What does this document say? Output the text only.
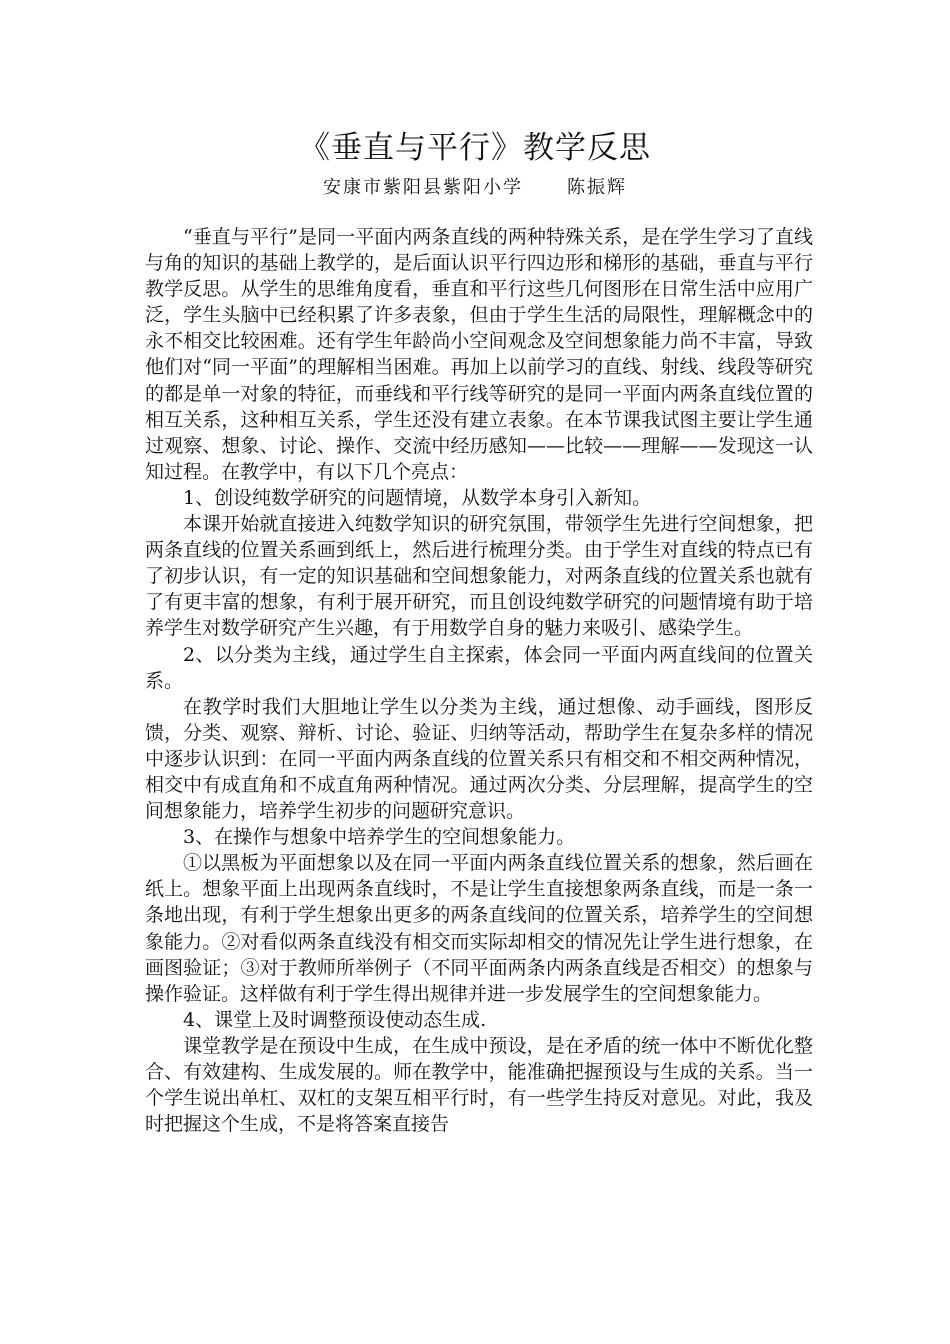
《垂直与平行》教学反思
安康市紫阳县紫阳小学 陈振辉

“垂直与平行”是同一平面内两条直线的两种特殊关系，是在学生学习了直线与角的知识的基础上教学的，是后面认识平行四边形和梯形的基础，垂直与平行教学反思。从学生的思维角度看，垂直和平行这些几何图形在日常生活中应用广泛，学生头脑中已经积累了许多表象，但由于学生生活的局限性，理解概念中的永不相交比较困难。还有学生年龄尚小空间观念及空间想象能力尚不丰富，导致他们对“同一平面”的理解相当困难。再加上以前学习的直线、射线、线段等研究的都是单一对象的特征，而垂线和平行线等研究的是同一平面内两条直线位置的相互关系，这种相互关系，学生还没有建立表象。在本节课我试图主要让学生通过观察、想象、讨论、操作、交流中经历感知——比较——理解——发现这一认知过程。在教学中，有以下几个亮点：

1、创设纯数学研究的问题情境，从数学本身引入新知。

本课开始就直接进入纯数学知识的研究氛围，带领学生先进行空间想象，把两条直线的位置关系画到纸上，然后进行梳理分类。由于学生对直线的特点已有了初步认识，有一定的知识基础和空间想象能力，对两条直线的位置关系也就有了有更丰富的想象，有利于展开研究，而且创设纯数学研究的问题情境有助于培养学生对数学研究产生兴趣，有于用数学自身的魅力来吸引、感染学生。

2、以分类为主线，通过学生自主探索，体会同一平面内两直线间的位置关系。

在教学时我们大胆地让学生以分类为主线，通过想像、动手画线，图形反馈，分类、观察、辩析、讨论、验证、归纳等活动，帮助学生在复杂多样的情况中逐步认识到：在同一平面内两条直线的位置关系只有相交和不相交两种情况，相交中有成直角和不成直角两种情况。通过两次分类、分层理解，提高学生的空间想象能力，培养学生初步的问题研究意识。

3、在操作与想象中培养学生的空间想象能力。

①以黑板为平面想象以及在同一平面内两条直线位置关系的想象，然后画在纸上。想象平面上出现两条直线时，不是让学生直接想象两条直线，而是一条一条地出现，有利于学生想象出更多的两条直线间的位置关系，培养学生的空间想象能力。②对看似两条直线没有相交而实际却相交的情况先让学生进行想象，在画图验证；③对于教师所举例子（不同平面两条内两条直线是否相交）的想象与操作验证。这样做有利于学生得出规律并进一步发展学生的空间想象能力。

4、课堂上及时调整预设使动态生成.

课堂教学是在预设中生成，在生成中预设，是在矛盾的统一体中不断优化整合、有效建构、生成发展的。师在教学中，能准确把握预设与生成的关系。当一个学生说出单杠、双杠的支架互相平行时，有一些学生持反对意见。对此，我及时把握这个生成，不是将答案直接告
